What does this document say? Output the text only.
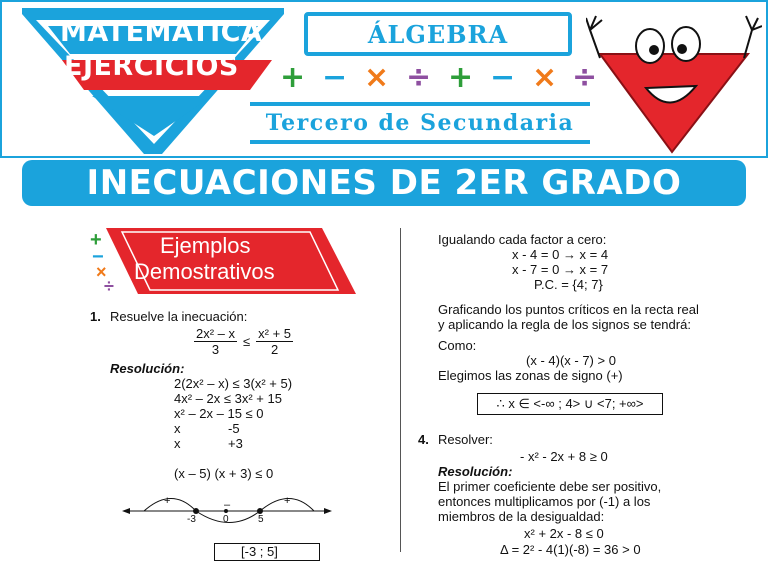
MATEMATICA
EJERCICIOS
ÁLGEBRA
+ − × ÷ + − × ÷
Tercero de Secundaria
INECUACIONES DE 2ER GRADO
+
−
×
÷
Ejemplos
Demostrativos
1. Resuelve la inecuación:
$\frac{\text{2x² – x}}{3} \le \frac{\text{x² + 5}}{2}$
Resolución:
2(2x² – x) ≤ 3(x² + 5)
4x² – 2x ≤ 3x² + 15
x² – 2x – 15 ≤ 0
x	-5
x	+3
(x – 5) (x + 3) ≤ 0
+	–	+
-3	0	5
[-3 ; 5]
Igualando cada factor a cero:
x - 4 = 0 → x = 4
x - 7 = 0 → x = 7
P.C. = {4; 7}
Graficando los puntos críticos en la recta real
y aplicando la regla de los signos se tendrá:
Como:
(x - 4)(x - 7) > 0
Elegimos las zonas de signo (+)
∴ x ∈ <-∞ ; 4> ∪ <7; +∞>
4. Resolver:
- x² - 2x + 8 ≥ 0
Resolución:
El primer coeficiente debe ser positivo,
entonces multiplicamos por (-1) a los
miembros de la desigualdad:
x² + 2x - 8 ≤ 0
Δ = 2² - 4(1)(-8) = 36 > 0
